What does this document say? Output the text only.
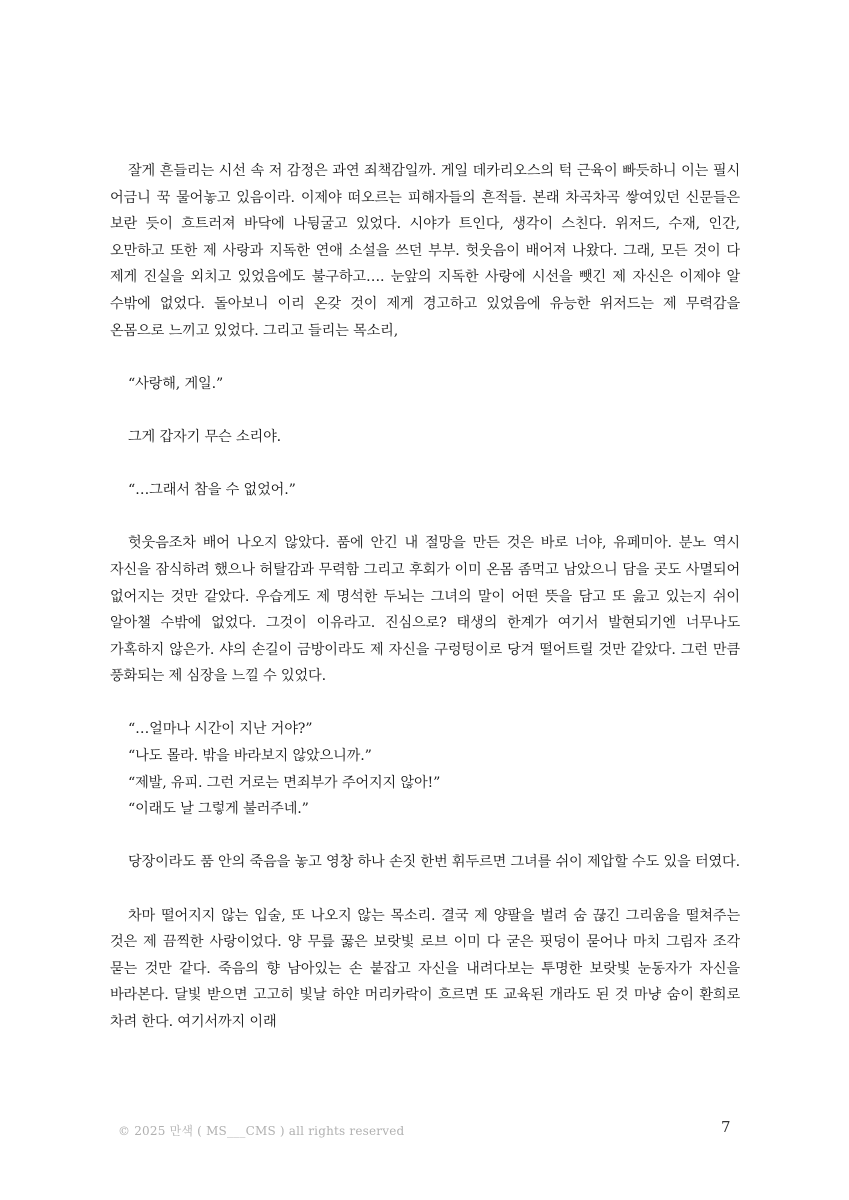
잘게 흔들리는 시선 속 저 감정은 과연 죄책감일까. 게일 데카리오스의 턱 근육이 빠듯하니 이는 필시 어금니 꾹 물어놓고 있음이라. 이제야 떠오르는 피해자들의 흔적들. 본래 차곡차곡 쌓여있던 신문들은 보란 듯이 흐트러져 바닥에 나뒹굴고 있었다. 시야가 트인다, 생각이 스친다. 위저드, 수재, 인간, 오만하고 또한 제 사랑과 지독한 연애 소설을 쓰던 부부. 헛웃음이 배어져 나왔다. 그래, 모든 것이 다 제게 진실을 외치고 있었음에도 불구하고…. 눈앞의 지독한 사랑에 시선을 뺏긴 제 자신은 이제야 알 수밖에 없었다. 돌아보니 이리 온갖 것이 제게 경고하고 있었음에 유능한 위저드는 제 무력감을 온몸으로 느끼고 있었다. 그리고 들리는 목소리,

“사랑해, 게일.”

그게 갑자기 무슨 소리야.

“…그래서 참을 수 없었어.”

헛웃음조차 배어 나오지 않았다. 품에 안긴 내 절망을 만든 것은 바로 너야, 유페미아. 분노 역시 자신을 잠식하려 했으나 허탈감과 무력함 그리고 후회가 이미 온몸 좀먹고 남았으니 담을 곳도 사멸되어 없어지는 것만 같았다. 우습게도 제 명석한 두뇌는 그녀의 말이 어떤 뜻을 담고 또 읊고 있는지 쉬이 알아챌 수밖에 없었다. 그것이 이유라고. 진심으로? 태생의 한계가 여기서 발현되기엔 너무나도 가혹하지 않은가. 샤의 손길이 금방이라도 제 자신을 구렁텅이로 당겨 떨어트릴 것만 같았다. 그런 만큼 풍화되는 제 심장을 느낄 수 있었다.

“…얼마나 시간이 지난 거야?”

“나도 몰라. 밖을 바라보지 않았으니까.”

“제발, 유피. 그런 거로는 면죄부가 주어지지 않아!”

“이래도 날 그렇게 불러주네.”

당장이라도 품 안의 죽음을 놓고 영창 하나 손짓 한번 휘두르면 그녀를 쉬이 제압할 수도 있을 터였다.

차마 떨어지지 않는 입술, 또 나오지 않는 목소리. 결국 제 양팔을 벌려 숨 끊긴 그리움을 떨쳐주는 것은 제 끔찍한 사랑이었다. 양 무릎 꿇은 보랏빛 로브 이미 다 굳은 핏덩이 묻어나 마치 그림자 조각 묻는 것만 같다. 죽음의 향 남아있는 손 붙잡고 자신을 내려다보는 투명한 보랏빛 눈동자가 자신을 바라본다. 달빛 받으면 고고히 빛날 하얀 머리카락이 흐르면 또 교육된 개라도 된 것 마냥 숨이 환희로 차려 한다. 여기서까지 이래

© 2025 만색 ( MS___CMS ) all rights reserved	7
